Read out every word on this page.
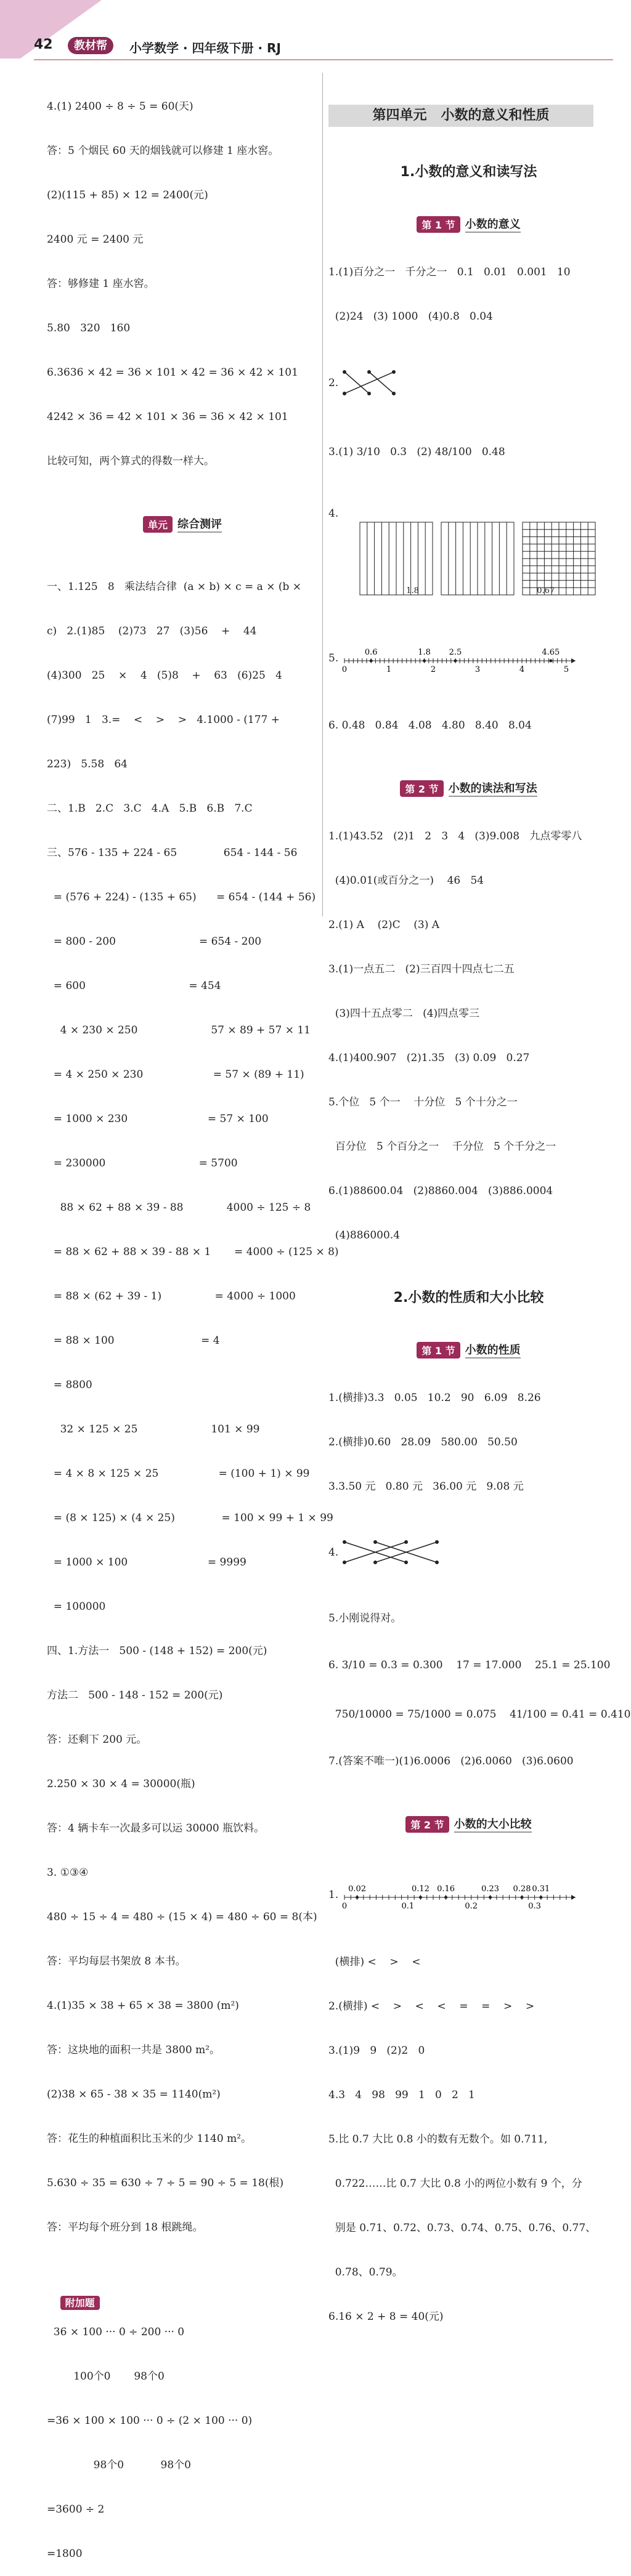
42	教材帮	小学数学 · 四年级下册 · RJ

4.(1) 2400 ÷ 8 ÷ 5 = 60(天)

答：5 个烟民 60 天的烟钱就可以修建 1 座水窖。

(2)(115 + 85) × 12 = 2400(元)

2400 元 = 2400 元

答：够修建 1 座水窖。

5.80   320   160

6.3636 × 42 = 36 × 101 × 42 = 36 × 42 × 101

4242 × 36 = 42 × 101 × 36 = 36 × 42 × 101

比较可知，两个算式的得数一样大。

单元 综合测评

一、1.125   8   乘法结合律  (a × b) × c = a × (b ×

c)   2.(1)85    (2)73   27   (3)56    +    44

(4)300   25    ×    4   (5)8    +    63   (6)25   4

(7)99   1   3.=    <    >    >   4.1000 - (177 +

223)   5.58   64

二、1.B   2.C   3.C   4.A   5.B   6.B   7.C

三、576 - 135 + 224 - 65              654 - 144 - 56

= (576 + 224) - (135 + 65)      = 654 - (144 + 56)

= 800 - 200                         = 654 - 200

= 600                               = 454

4 × 230 × 250                      57 × 89 + 57 × 11

= 4 × 250 × 230                     = 57 × (89 + 11)

= 1000 × 230                        = 57 × 100

= 230000                            = 5700

88 × 62 + 88 × 39 - 88             4000 ÷ 125 ÷ 8

= 88 × 62 + 88 × 39 - 88 × 1       = 4000 ÷ (125 × 8)

= 88 × (62 + 39 - 1)                = 4000 ÷ 1000

= 88 × 100                          = 4

= 8800

32 × 125 × 25                      101 × 99

= 4 × 8 × 125 × 25                  = (100 + 1) × 99

= (8 × 125) × (4 × 25)              = 100 × 99 + 1 × 99

= 1000 × 100                        = 9999

= 100000

四、1.方法一   500 - (148 + 152) = 200(元)

方法二   500 - 148 - 152 = 200(元)

答：还剩下 200 元。

2.250 × 30 × 4 = 30000(瓶)

答：4 辆卡车一次最多可以运 30000 瓶饮料。

3. ①③④

480 ÷ 15 ÷ 4 = 480 ÷ (15 × 4) = 480 ÷ 60 = 8(本)

答：平均每层书架放 8 本书。

4.(1)35 × 38 + 65 × 38 = 3800 (m²)

答：这块地的面积一共是 3800 m²。

(2)38 × 65 - 38 × 35 = 1140(m²)

答：花生的种植面积比玉米的少 1140 m²。

5.630 ÷ 35 = 630 ÷ 7 ÷ 5 = 90 ÷ 5 = 18(根)

答：平均每个班分到 18 根跳绳。

附加题

36 × 100 ··· 0 ÷ 200 ··· 0

100个0       98个0

=36 × 100 × 100 ··· 0 ÷ (2 × 100 ··· 0)

98个0           98个0

=3600 ÷ 2

=1800

第四单元   小数的意义和性质

1.小数的意义和读写法

第 1 节 小数的意义

1.(1)百分之一   千分之一   0.1   0.01   0.001   10

(2)24   (3) 1000   (4)0.8   0.04

2.

3.(1) 3/10   0.3   (2) 48/100   0.48

4.

1.8

	0.67

5.	0.6	1.8 2.5	4.65
0	1	2	3	4	5

6. 0.48   0.84   4.08   4.80   8.40   8.04

第 2 节 小数的读法和写法

1.(1)43.52   (2)1   2   3   4   (3)9.008   九点零零八

(4)0.01(或百分之一)    46   54

2.(1) A    (2)C    (3) A

3.(1)一点五二   (2)三百四十四点七二五

(3)四十五点零二   (4)四点零三

4.(1)400.907   (2)1.35   (3) 0.09   0.27

5.个位   5 个一    十分位   5 个十分之一

百分位   5 个百分之一    千分位   5 个千分之一

6.(1)88600.04   (2)8860.004   (3)886.0004

(4)886000.4

2.小数的性质和大小比较

第 1 节 小数的性质

1.(横排)3.3   0.05   10.2   90   6.09   8.26

2.(横排)0.60   28.09   580.00   50.50

3.3.50 元   0.80 元   36.00 元   9.08 元

4.

5.小刚说得对。

6. 3/10 = 0.3 = 0.300    17 = 17.000    25.1 = 25.100

750/10000 = 75/1000 = 0.075    41/100 = 0.41 = 0.410

7.(答案不唯一)(1)6.0006   (2)6.0060   (3)6.0600

第 2 节 小数的大小比较

1. 0.02	0.12 0.16	0.23 0.28 0.31
0	0.1	0.2	0.3

(横排) <    >    <

2.(横排) <    >    <    <    =    =    >    >

3.(1)9   9   (2)2   0

4.3   4   98   99   1   0   2   1

5.比 0.7 大比 0.8 小的数有无数个。如 0.711,

0.722……比 0.7 大比 0.8 小的两位小数有 9 个，分

别是 0.71、0.72、0.73、0.74、0.75、0.76、0.77、

0.78、0.79。

6.16 × 2 + 8 = 40(元)
